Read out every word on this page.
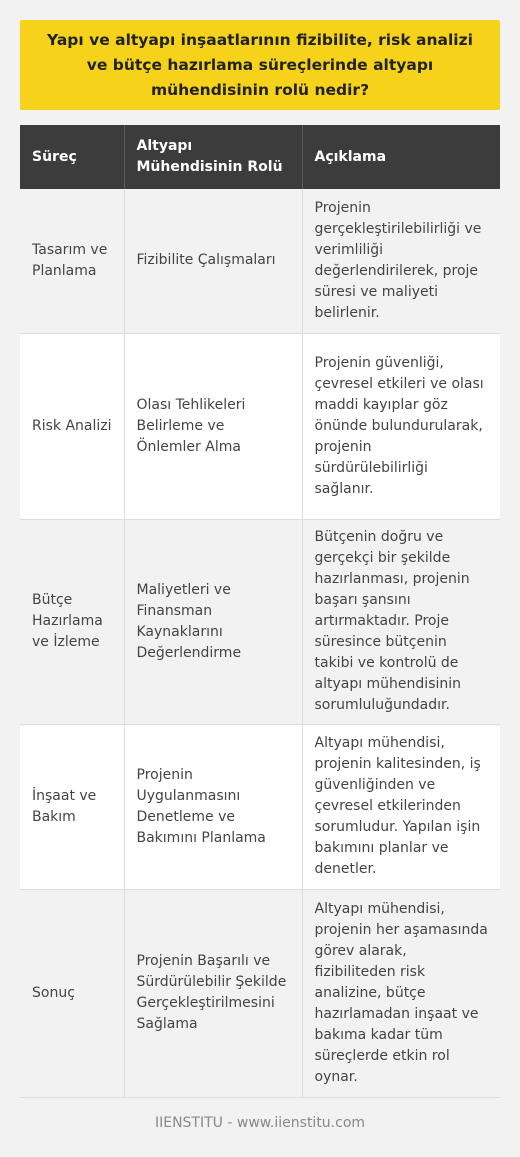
Yapı ve altyapı inşaatlarının fizibilite, risk analizi ve bütçe hazırlama süreçlerinde altyapı mühendisinin rolü nedir?
Süreç	Altyapı Mühendisinin Rolü	Açıklama
Tasarım ve Planlama	Fizibilite Çalışmaları	Projenin gerçekleştirilebilirliği ve verimliliği değerlendirilerek, proje süresi ve maliyeti belirlenir.
Risk Analizi	Olası Tehlikeleri Belirleme ve Önlemler Alma	Projenin güvenliği, çevresel etkileri ve olası maddi kayıplar göz önünde bulundurularak, projenin sürdürülebilirliği sağlanır.
Bütçe Hazırlama ve İzleme	Maliyetleri ve Finansman Kaynaklarını Değerlendirme	Bütçenin doğru ve gerçekçi bir şekilde hazırlanması, projenin başarı şansını artırmaktadır. Proje süresince bütçenin takibi ve kontrolü de altyapı mühendisinin sorumluluğundadır.
İnşaat ve Bakım	Projenin Uygulanmasını Denetleme ve Bakımını Planlama	Altyapı mühendisi, projenin kalitesinden, iş güvenliğinden ve çevresel etkilerinden sorumludur. Yapılan işin bakımını planlar ve denetler.
Sonuç	Projenin Başarılı ve Sürdürülebilir Şekilde Gerçekleştirilmesini Sağlama	Altyapı mühendisi, projenin her aşamasında görev alarak, fizibiliteden risk analizine, bütçe hazırlamadan inşaat ve bakıma kadar tüm süreçlerde etkin rol oynar.
IIENSTITU - www.iienstitu.com
